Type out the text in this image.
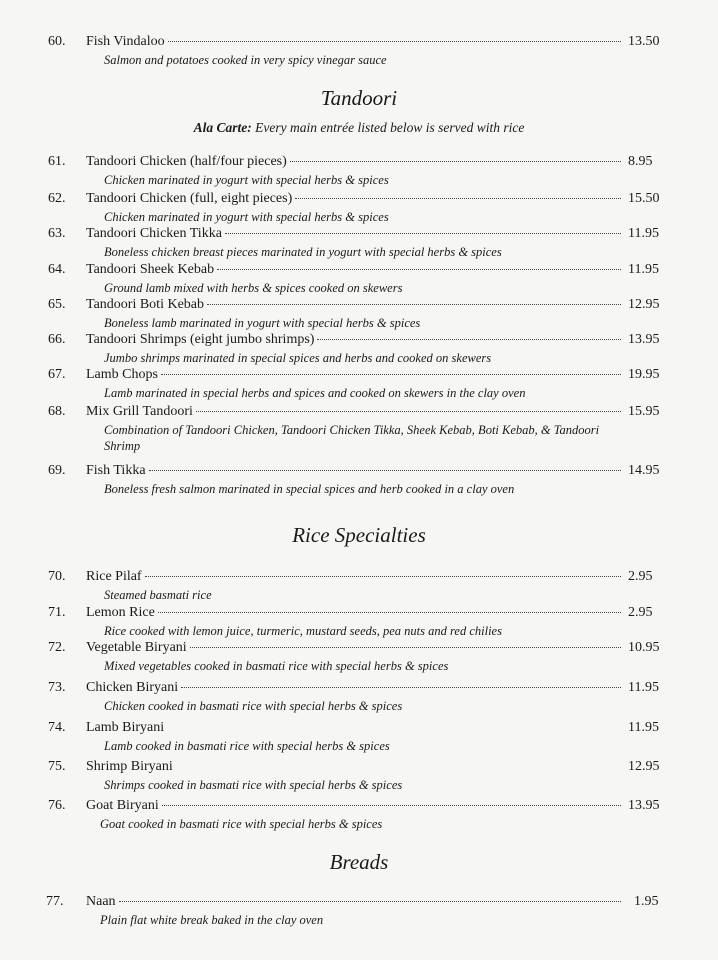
60. Fish Vindaloo	13.50
Salmon and potatoes cooked in very spicy vinegar sauce
Tandoori
Ala Carte: Every main entrée listed below is served with rice
61. Tandoori Chicken (half/four pieces)	8.95
Chicken marinated in yogurt with special herbs & spices
62. Tandoori Chicken (full, eight pieces)	15.50
Chicken marinated in yogurt with special herbs & spices
63. Tandoori Chicken Tikka	11.95
Boneless chicken breast pieces marinated in yogurt with special herbs & spices
64. Tandoori Sheek Kebab	11.95
Ground lamb mixed with herbs & spices cooked on skewers
65. Tandoori Boti Kebab	12.95
Boneless lamb marinated in yogurt with special herbs & spices
66. Tandoori Shrimps (eight jumbo shrimps)	13.95
Jumbo shrimps marinated in special spices and herbs and cooked on skewers
67. Lamb Chops	19.95
Lamb marinated in special herbs and spices and cooked on skewers in the clay oven
68. Mix Grill Tandoori	15.95
Combination of Tandoori Chicken, Tandoori Chicken Tikka, Sheek Kebab, Boti Kebab, & Tandoori Shrimp
69. Fish Tikka	14.95
Boneless fresh salmon marinated in special spices and herb cooked in a clay oven
Rice Specialties
70. Rice Pilaf	2.95
Steamed basmati rice
71. Lemon Rice	2.95
Rice cooked with lemon juice, turmeric, mustard seeds, pea nuts and red chilies
72. Vegetable Biryani	10.95
Mixed vegetables cooked in basmati rice with special herbs & spices
73. Chicken Biryani	11.95
Chicken cooked in basmati rice with special herbs & spices
74. Lamb Biryani	11.95
Lamb cooked in basmati rice with special herbs & spices
75. Shrimp Biryani	12.95
Shrimps cooked in basmati rice with special herbs & spices
76. Goat Biryani	13.95
Goat cooked in basmati rice with special herbs & spices
Breads
77. Naan	1.95
Plain flat white break baked in the clay oven
